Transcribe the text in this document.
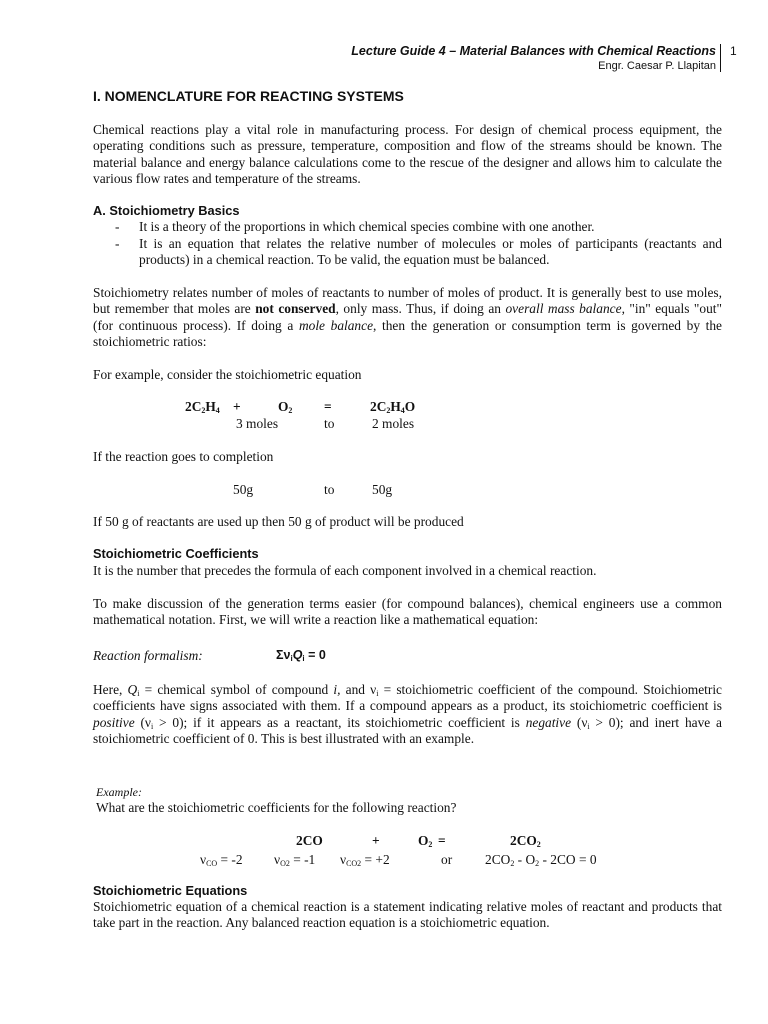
Lecture Guide 4 – Material Balances with Chemical Reactions
Engr. Caesar P. Llapitan
1
I. NOMENCLATURE FOR REACTING SYSTEMS
Chemical reactions play a vital role in manufacturing process. For design of chemical process equipment, the operating conditions such as pressure, temperature, composition and flow of the streams should be known. The material balance and energy balance calculations come to the rescue of the designer and allows him to calculate the various flow rates and temperature of the streams.
A. Stoichiometry Basics
- It is a theory of the proportions in which chemical species combine with one another.
- It is an equation that relates the relative number of molecules or moles of participants (reactants and products) in a chemical reaction. To be valid, the equation must be balanced.
Stoichiometry relates number of moles of reactants to number of moles of product. It is generally best to use moles, but remember that moles are not conserved, only mass. Thus, if doing an overall mass balance, "in" equals "out" (for continuous process). If doing a mole balance, then the generation or consumption term is governed by the stoichiometric ratios:
For example, consider the stoichiometric equation
$2C_2H_4$ +	$O_2$ =	$2C_2H_4O$
3 moles	to	2 moles
If the reaction goes to completion
50g	to	50g
If 50 g of reactants are used up then 50 g of product will be produced
Stoichiometric Coefficients
It is the number that precedes the formula of each component involved in a chemical reaction.
To make discussion of the generation terms easier (for compound balances), chemical engineers use a common mathematical notation. First, we will write a reaction like a mathematical equation:
Reaction formalism:	$\Sigma\nu_iQ_i = 0$
Here, $Q_i$ = chemical symbol of compound i, and $\nu_i$ = stoichiometric coefficient of the compound. Stoichiometric coefficients have signs associated with them. If a compound appears as a product, its stoichiometric coefficient is positive $(\nu_i > 0)$; if it appears as a reactant, its stoichiometric coefficient is negative $(\nu_i > 0)$; and inert have a stoichiometric coefficient of 0. This is best illustrated with an example.
Example:
What are the stoichiometric coefficients for the following reaction?
2CO	+	$O_2$ =	$2CO_2$
$\nu_{CO} = -2$ $\nu_{O2} = -1$ $\nu_{CO2} = +2$	or $2CO_2 - O_2 - 2CO = 0$
Stoichiometric Equations
Stoichiometric equation of a chemical reaction is a statement indicating relative moles of reactant and products that take part in the reaction. Any balanced reaction equation is a stoichiometric equation.
